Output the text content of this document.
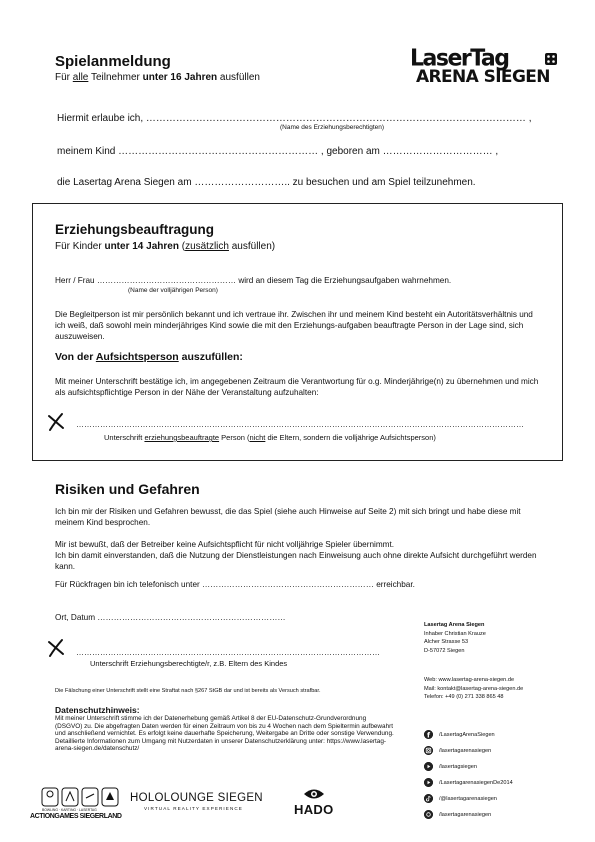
Spielanmeldung
Für alle Teilnehmer unter 16 Jahren ausfüllen
LaserTag
ARENA SIEGEN
Hiermit erlaube ich, …………………………………………………………………………………………………… ,
(Name des Erziehungsberechtigten)
meinem Kind …………………………………………………… , geboren am …………………………… ,
die Lasertag Arena Siegen am ……………………….. zu besuchen und am Spiel teilzunehmen.
Erziehungsbeauftragung
Für Kinder unter 14 Jahren (zusätzlich ausfüllen)
Herr / Frau …………………………………………… wird an diesem Tag die Erziehungsaufgaben wahrnehmen.
(Name der volljährigen Person)
Die Begleitperson ist mir persönlich bekannt und ich vertraue ihr. Zwischen ihr und meinem Kind besteht ein Autoritätsverhältnis und ich weiß, daß sowohl mein minderjähriges Kind sowie die mit den Erziehungs-aufgaben beauftragte Person in der Lage sind, sich auszuweisen.
Von der Aufsichtsperson auszufüllen:
Mit meiner Unterschrift bestätige ich, im angegebenen Zeitraum die Verantwortung für o.g. Minderjährige(n) zu übernehmen und mich als aufsichtspflichtige Person in der Nähe der Veranstaltung aufzuhalten:
……………………………………………………………………………………………………………………………………………………
Unterschrift erziehungsbeauftragte Person (nicht die Eltern, sondern die volljährige Aufsichtsperson)
Risiken und Gefahren
Ich bin mir der Risiken und Gefahren bewusst, die das Spiel (siehe auch Hinweise auf Seite 2) mit sich bringt und habe diese mit meinem Kind besprochen.
Mir ist bewußt, daß der Betreiber keine Aufsichtspflicht für nicht volljährige Spieler übernimmt.
Ich bin damit einverstanden, daß die Nutzung der Dienstleistungen nach Einweisung auch ohne direkte Aufsicht durchgeführt werden kann.
Für Rückfragen bin ich telefonisch unter ……………………………………………………… erreichbar.
Ort, Datum ……………………………………………………………
……………………………………………………………………………………………………
Unterschrift Erziehungsberechtigte/r, z.B. Eltern des Kindes
Lasertag Arena Siegen
Inhaber Christian Krauze
Alcher Strasse 53
D-57072 Siegen
Web: www.lasertag-arena-siegen.de
Mail: kontakt@lasertag-arena-siegen.de
Telefon: +49 (0) 271 338 865 48
Die Fälschung einer Unterschrift stellt eine Straftat nach §267 StGB dar und ist bereits als Versuch strafbar.
Datenschutzhinweis:
Mit meiner Unterschrift stimme ich der Datenerhebung gemäß Artikel 8 der EU-Datenschutz-Grundverordnung (DSGVO) zu. Die abgefragten Daten werden für einen Zeitraum von bis zu 4 Wochen nach dem Spieltermin aufbewahrt und anschließend vernichtet. Es erfolgt keine dauerhafte Speicherung, Weitergabe an Dritte oder sonstige Verwendung. Detaillierte Informationen zum Umgang mit Nutzerdaten in unserer Datenschutzerklärung unter: https://www.lasertag-arena-siegen.de/datenschutz/
f /LasertagArenaSiegen
/lasertagarenasiegen
/lasertagsiegen
/LasertagarenasiegenDe2014
/@lasertagarenasiegen
/lasertagarenasiegen
BOWLING · KARTING · LASERTAG
ACTIONGAMES SIEGERLAND
HOLOLOUNGE SIEGEN
VIRTUAL REALITY EXPERIENCE	HADO
